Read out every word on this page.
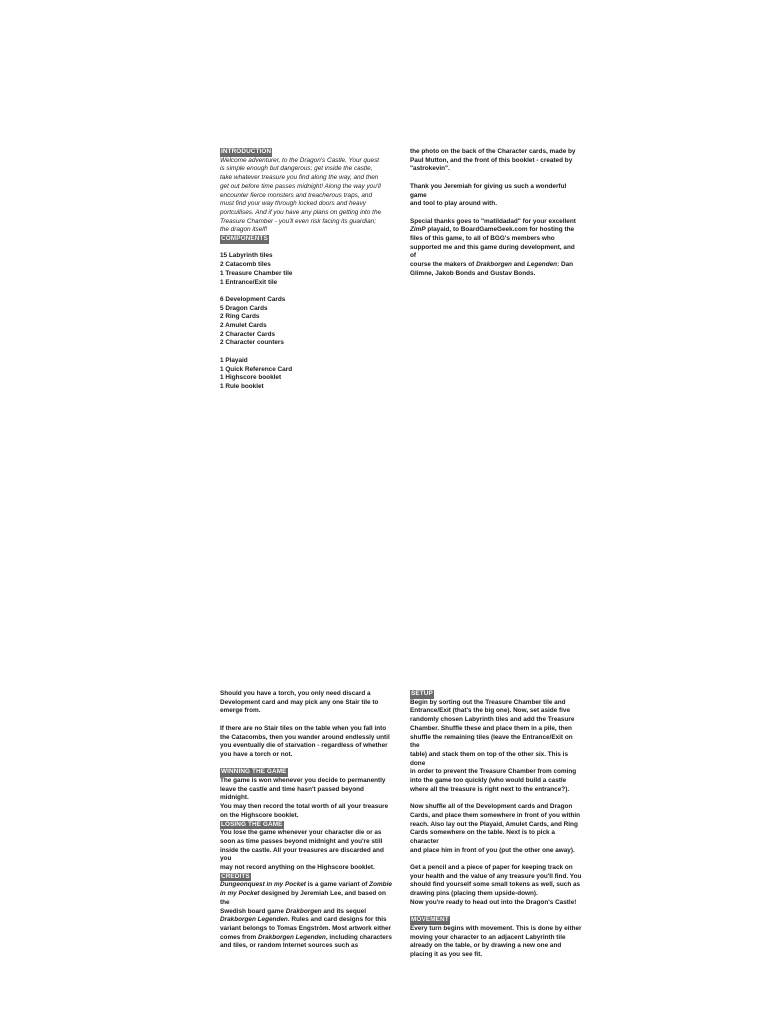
INTRODUCTION

Welcome adventurer, to the Dragon's Castle. Your quest

is simple enough but dangerous; get inside the castle,

take whatever treasure you find along the way, and then

get out before time passes midnight! Along the way you'll

encounter fierce monsters and treacherous traps, and

must find your way through locked doors and heavy

portcullises. And if you have any plans on getting into the

Treasure Chamber - you'll even risk facing its guardian;

the dragon itself!

COMPONENTS

15 Labyrinth tiles

2 Catacomb tiles

1 Treasure Chamber tile

1 Entrance/Exit tile

6 Development Cards

5 Dragon Cards

2 Ring Cards

2 Amulet Cards

2 Character Cards

2 Character counters

1 Playaid

1 Quick Reference Card

1 Highscore booklet

1 Rule booklet

the photo on the back of the Character cards, made by

Paul Mutton, and the front of this booklet - created by

"astrokevin".

Thank you Jeremiah for giving us such a wonderful game

and tool to play around with.

Special thanks goes to "matildadad" for your excellent

ZimP playaid, to BoardGameGeek.com for hosting the

files of this game, to all of BGG's members who

supported me and this game during development, and of

course the makers of Drakborgen and Legenden: Dan

Glimne, Jakob Bonds and Gustav Bonds.

Should you have a torch, you only need discard a

Development card and may pick any one Stair tile to

emerge from.

If there are no Stair tiles on the table when you fall into

the Catacombs, then you wander around endlessly until

you eventually die of starvation - regardless of whether

you have a torch or not.

WINNING THE GAME

The game is won whenever you decide to permanently

leave the castle and time hasn't passed beyond midnight.

You may then record the total worth of all your treasure

on the Highscore booklet.

LOSING THE GAME

You lose the game whenever your character die or as

soon as time passes beyond midnight and you're still

inside the castle. All your treasures are discarded and you

may not record anything on the Highscore booklet.

CREDITS

Dungeonquest in my Pocket is a game variant of Zombie

in my Pocket designed by Jeremiah Lee, and based on the

Swedish board game Drakborgen and its sequel

Drakborgen Legenden. Rules and card designs for this

variant belongs to Tomas Engström. Most artwork either

comes from Drakborgen Legenden, including characters

and tiles, or random Internet sources such as

SETUP

Begin by sorting out the Treasure Chamber tile and

Entrance/Exit (that's the big one). Now, set aside five

randomly chosen Labyrinth tiles and add the Treasure

Chamber. Shuffle these and place them in a pile, then

shuffle the remaining tiles (leave the Entrance/Exit on the

table) and stack them on top of the other six. This is done

in order to prevent the Treasure Chamber from coming

into the game too quickly (who would build a castle

where all the treasure is right next to the entrance?).

Now shuffle all of the Development cards and Dragon

Cards, and place them somewhere in front of you within

reach. Also lay out the Playaid, Amulet Cards, and Ring

Cards somewhere on the table. Next is to pick a character

and place him in front of you (put the other one away).

Get a pencil and a piece of paper for keeping track on

your health and the value of any treasure you'll find. You

should find yourself some small tokens as well, such as

drawing pins (placing them upside-down).

Now you're ready to head out into the Dragon's Castle!

MOVEMENT

Every turn begins with movement. This is done by either

moving your character to an adjacent Labyrinth tile

already on the table, or by drawing a new one and

placing it as you see fit.
